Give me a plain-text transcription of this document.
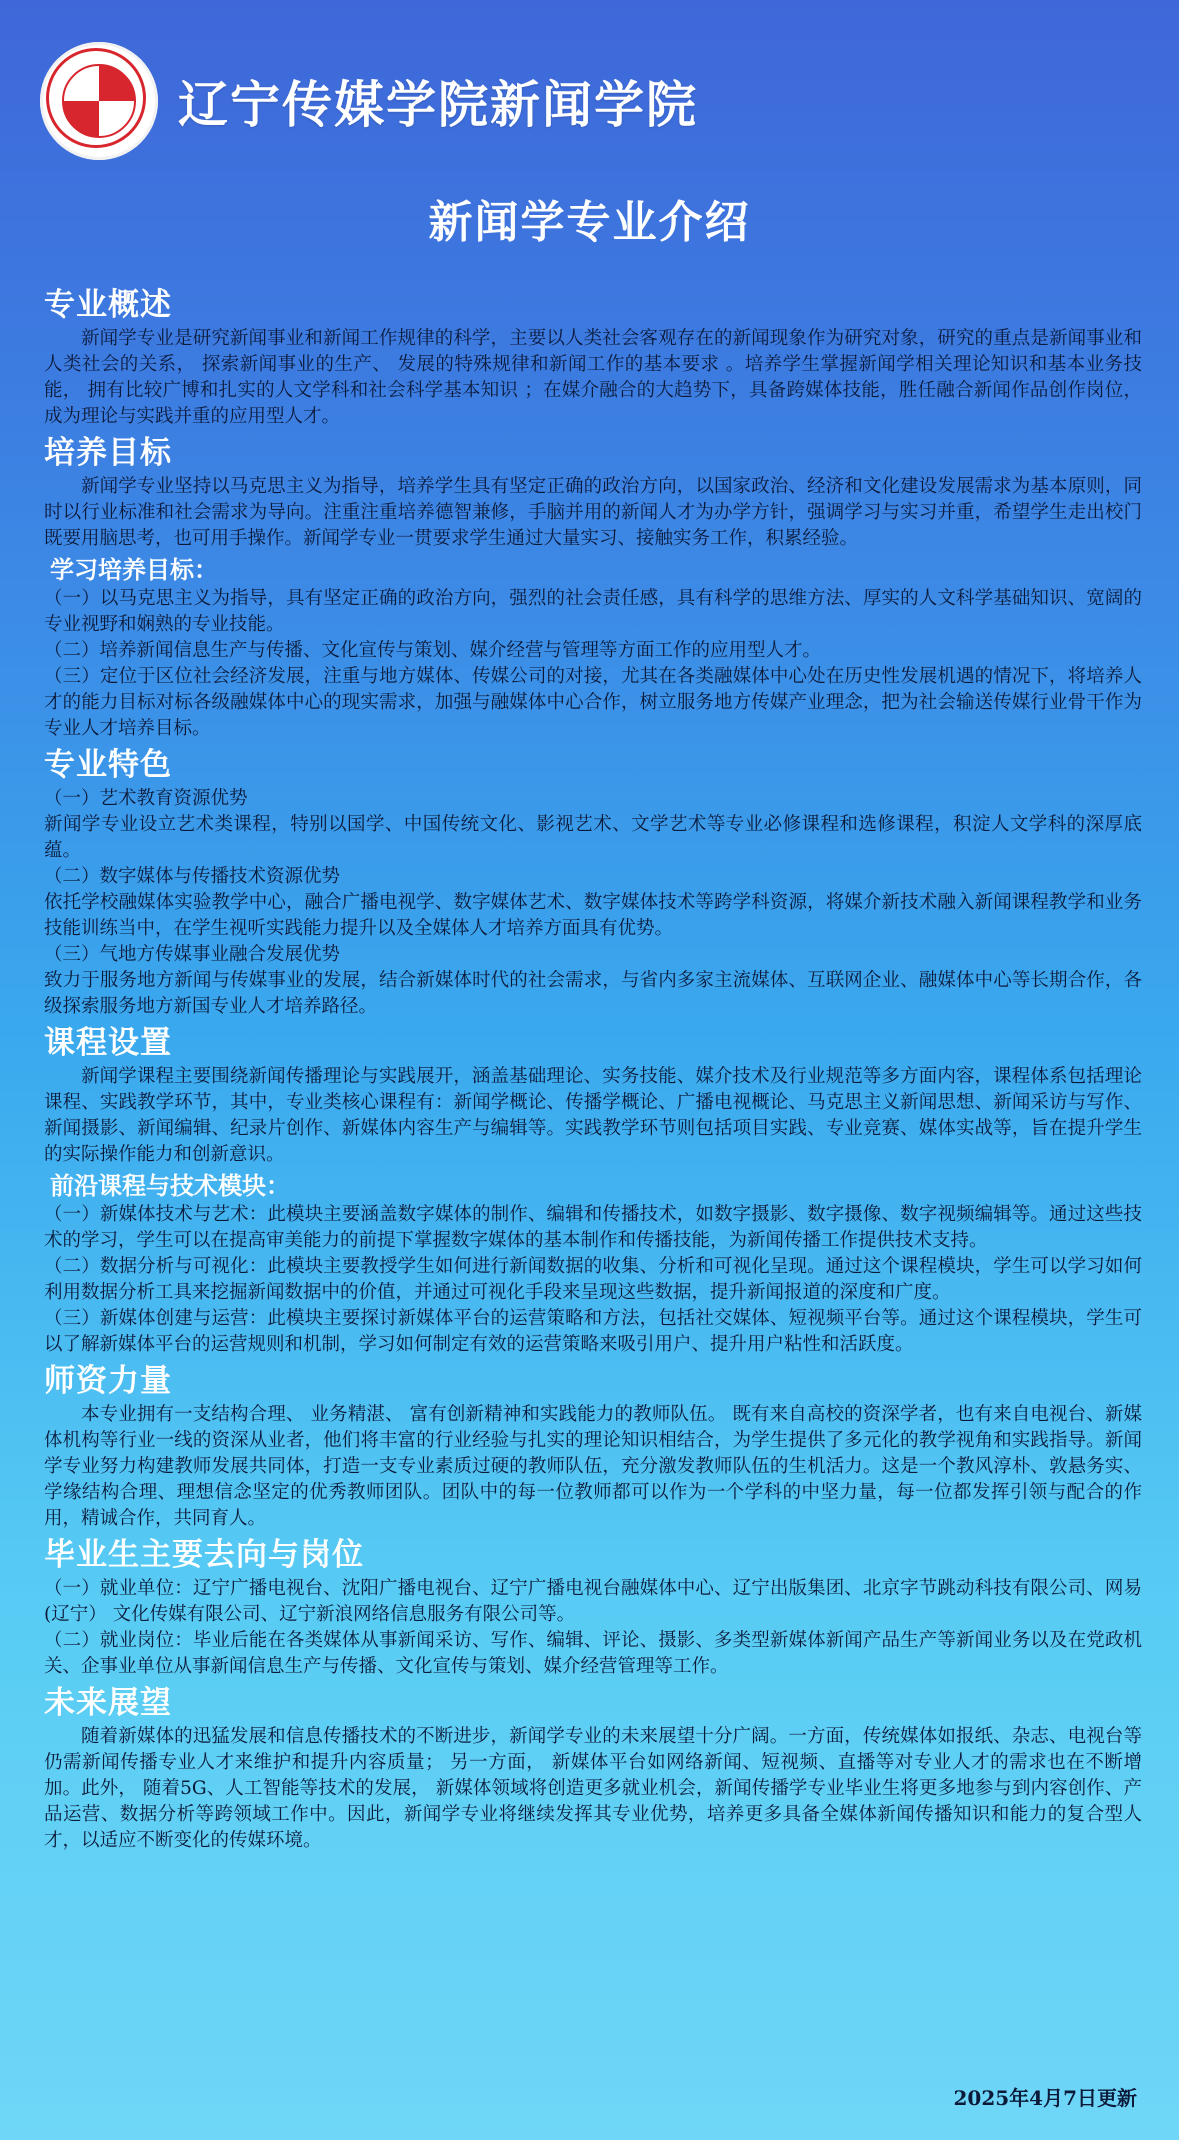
辽宁传媒学院新闻学院
新闻学专业介绍
专业概述

新闻学专业是研究新闻事业和新闻工作规律的科学，主要以人类社会客观存在的新闻现象作为研究对象，研究的重点是新闻事业和人类社会的关系， 探索新闻事业的生产、 发展的特殊规律和新闻工作的基本要求 。培养学生掌握新闻学相关理论知识和基本业务技能， 拥有比较广博和扎实的人文学科和社会科学基本知识 ；在媒介融合的大趋势下，具备跨媒体技能，胜任融合新闻作品创作岗位，成为理论与实践并重的应用型人才。

培养目标

新闻学专业坚持以马克思主义为指导，培养学生具有坚定正确的政治方向，以国家政治、经济和文化建设发展需求为基本原则，同时以行业标准和社会需求为导向。注重注重培养德智兼修，手脑并用的新闻人才为办学方针，强调学习与实习并重，希望学生走出校门既要用脑思考，也可用手操作。新闻学专业一贯要求学生通过大量实习、接触实务工作，积累经验。

学习培养目标：

（一）以马克思主义为指导，具有坚定正确的政治方向，强烈的社会责任感，具有科学的思维方法、厚实的人文科学基础知识、宽阔的专业视野和娴熟的专业技能。

（二）培养新闻信息生产与传播、文化宣传与策划、媒介经营与管理等方面工作的应用型人才。

（三）定位于区位社会经济发展，注重与地方媒体、传媒公司的对接，尤其在各类融媒体中心处在历史性发展机遇的情况下，将培养人才的能力目标对标各级融媒体中心的现实需求，加强与融媒体中心合作，树立服务地方传媒产业理念，把为社会输送传媒行业骨干作为专业人才培养目标。

专业特色

（一）艺术教育资源优势

新闻学专业设立艺术类课程，特别以国学、中国传统文化、影视艺术、文学艺术等专业必修课程和选修课程，积淀人文学科的深厚底蕴。

（二）数字媒体与传播技术资源优势

依托学校融媒体实验教学中心，融合广播电视学、数字媒体艺术、数字媒体技术等跨学科资源，将媒介新技术融入新闻课程教学和业务技能训练当中，在学生视听实践能力提升以及全媒体人才培养方面具有优势。

（三）气地方传媒事业融合发展优势

致力于服务地方新闻与传媒事业的发展，结合新媒体时代的社会需求，与省内多家主流媒体、互联网企业、融媒体中心等长期合作，各级探索服务地方新国专业人才培养路径。

课程设置

新闻学课程主要围绕新闻传播理论与实践展开，涵盖基础理论、实务技能、媒介技术及行业规范等多方面内容，课程体系包括理论课程、实践教学环节，其中，专业类核心课程有：新闻学概论、传播学概论、广播电视概论、马克思主义新闻思想、新闻采访与写作、新闻摄影、新闻编辑、纪录片创作、新媒体内容生产与编辑等。实践教学环节则包括项目实践、专业竞赛、媒体实战等，旨在提升学生的实际操作能力和创新意识。

前沿课程与技术模块：

（一）新媒体技术与艺术：此模块主要涵盖数字媒体的制作、编辑和传播技术，如数字摄影、数字摄像、数字视频编辑等。通过这些技术的学习，学生可以在提高审美能力的前提下掌握数字媒体的基本制作和传播技能，为新闻传播工作提供技术支持。

（二）数据分析与可视化：此模块主要教授学生如何进行新闻数据的收集、分析和可视化呈现。通过这个课程模块，学生可以学习如何利用数据分析工具来挖掘新闻数据中的价值，并通过可视化手段来呈现这些数据，提升新闻报道的深度和广度。

（三）新媒体创建与运营：此模块主要探讨新媒体平台的运营策略和方法，包括社交媒体、短视频平台等。通过这个课程模块，学生可以了解新媒体平台的运营规则和机制，学习如何制定有效的运营策略来吸引用户、提升用户粘性和活跃度。

师资力量

本专业拥有一支结构合理、 业务精湛、 富有创新精神和实践能力的教师队伍。 既有来自高校的资深学者，也有来自电视台、新媒体机构等行业一线的资深从业者，他们将丰富的行业经验与扎实的理论知识相结合，为学生提供了多元化的教学视角和实践指导。新闻学专业努力构建教师发展共同体，打造一支专业素质过硬的教师队伍，充分激发教师队伍的生机活力。这是一个教风淳朴、敦悬务实、学缘结构合理、理想信念坚定的优秀教师团队。团队中的每一位教师都可以作为一个学科的中坚力量，每一位都发挥引领与配合的作用，精诚合作，共同育人。

毕业生主要去向与岗位

（一）就业单位：辽宁广播电视台、沈阳广播电视台、辽宁广播电视台融媒体中心、辽宁出版集团、北京字节跳动科技有限公司、网易(辽宁） 文化传媒有限公司、辽宁新浪网络信息服务有限公司等。

（二）就业岗位：毕业后能在各类媒体从事新闻采访、写作、编辑、评论、摄影、多类型新媒体新闻产品生产等新闻业务以及在党政机关、企事业单位从事新闻信息生产与传播、文化宣传与策划、媒介经营管理等工作。

未来展望

随着新媒体的迅猛发展和信息传播技术的不断进步，新闻学专业的未来展望十分广阔。一方面，传统媒体如报纸、杂志、电视台等仍需新闻传播专业人才来维护和提升内容质量； 另一方面， 新媒体平台如网络新闻、短视频、直播等对专业人才的需求也在不断增加。此外， 随着5G、人工智能等技术的发展， 新媒体领域将创造更多就业机会，新闻传播学专业毕业生将更多地参与到内容创作、产品运营、数据分析等跨领域工作中。因此，新闻学专业将继续发挥其专业优势，培养更多具备全媒体新闻传播知识和能力的复合型人才，以适应不断变化的传媒环境。

2025年4月7日更新
